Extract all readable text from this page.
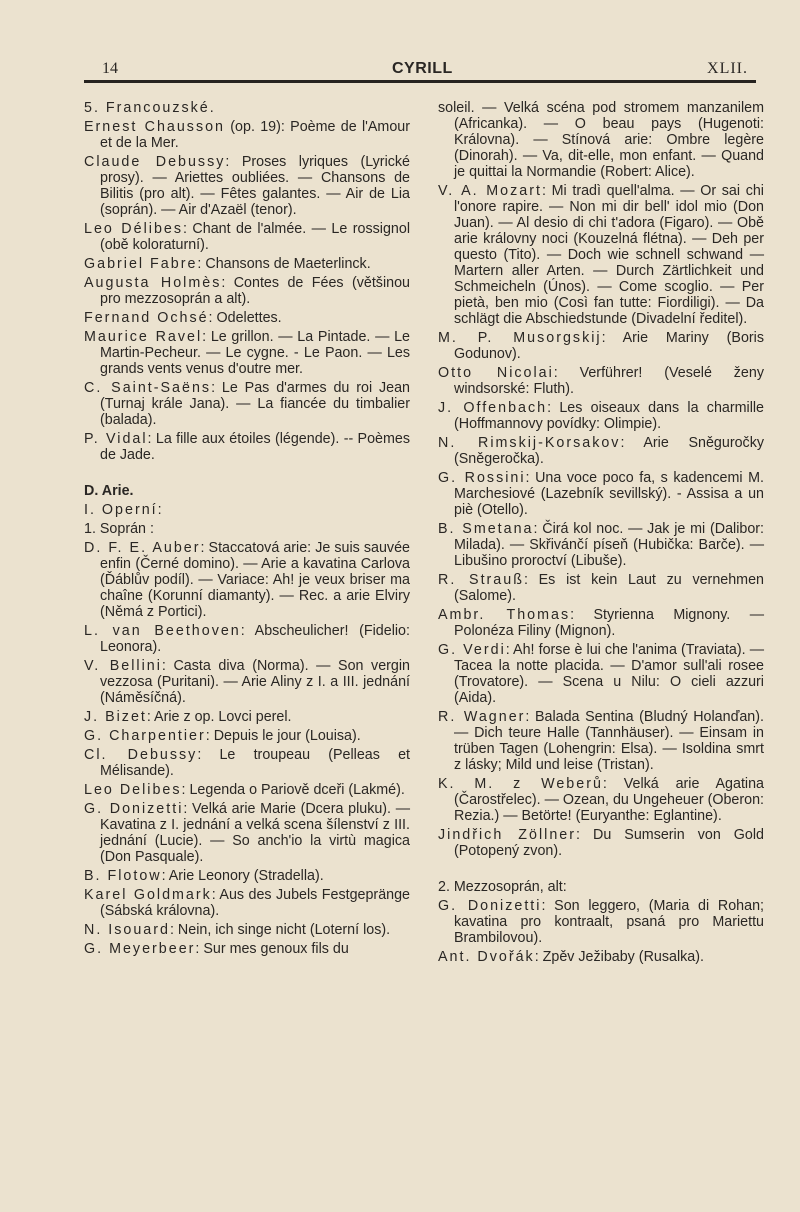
14	CYRILL	XLII.

5. Francouzské.

Ernest Chausson (op. 19): Poème de l'Amour et de la Mer.

Claude Debussy: Proses lyriques (Lyrické prosy). — Ariettes oubliées. — Chansons de Bilitis (pro alt). — Fêtes galantes. — Air de Lia (soprán). — Air d'Azaël (tenor).

Leo Délibes: Chant de l'almée. — Le rossignol (obě koloraturní).

Gabriel Fabre: Chansons de Maeterlinck.

Augusta Holmès: Contes de Fées (většinou pro mezzosoprán a alt).

Fernand Ochsé: Odelettes.

Maurice Ravel: Le grillon. — La Pintade. — Le Martin-Pecheur. — Le cygne. - Le Paon. — Les grands vents venus d'outre mer.

C. Saint-Saëns: Le Pas d'armes du roi Jean (Turnaj krále Jana). — La fiancée du timbalier (balada).

P. Vidal: La fille aux étoiles (légende). -- Poèmes de Jade.

D. Arie.

I. Operní:

1. Soprán :

D. F. E. Auber: Staccatová arie: Je suis sauvée enfin (Černé domino). — Arie a kavatina Carlova (Ďáblův podíl). — Variace: Ah! je veux briser ma chaîne (Korunní diamanty). — Rec. a arie Elviry (Němá z Portici).

L. van Beethoven: Abscheulicher! (Fidelio: Leonora).

V. Bellini: Casta diva (Norma). — Son vergin vezzosa (Puritani). — Arie Aliny z I. a III. jednání (Náměsíčná).

J. Bizet: Arie z op. Lovci perel.

G. Charpentier: Depuis le jour (Louisa).

Cl. Debussy: Le troupeau (Pelleas et Mélisande).

Leo Delibes: Legenda o Pariově dceři (Lakmé).

G. Donizetti: Velká arie Marie (Dcera pluku). — Kavatina z I. jednání a velká scena šílenství z III. jednání (Lucie). — So anch'io la virtù magica (Don Pasquale).

B. Flotow: Arie Leonory (Stradella).

Karel Goldmark: Aus des Jubels Festgepränge (Sábská královna).

N. Isouard: Nein, ich singe nicht (Loterní los).

G. Meyerbeer: Sur mes genoux fils du

soleil. — Velká scéna pod stromem manzanilem (Africanka). — O beau pays (Hugenoti: Královna). — Stínová arie: Ombre legère (Dinorah). — Va, dit-elle, mon enfant. — Quand je quittai la Normandie (Robert: Alice).

V. A. Mozart: Mi tradì quell'alma. — Or sai chi l'onore rapire. — Non mi dir bell' idol mio (Don Juan). — Al desio di chi t'adora (Figaro). — Obě arie královny noci (Kouzelná flétna). — Deh per questo (Tito). — Doch wie schnell schwand — Martern aller Arten. — Durch Zärtlichkeit und Schmeicheln (Únos). — Come scoglio. — Per pietà, ben mio (Così fan tutte: Fiordiligi). — Da schlägt die Abschiedstunde (Divadelní ředitel).

M. P. Musorgskij: Arie Mariny (Boris Godunov).

Otto Nicolai: Verführer! (Veselé ženy windsorské: Fluth).

J. Offenbach: Les oiseaux dans la charmille (Hoffmannovy povídky: Olimpie).

N. Rimskij-Korsakov: Arie Sněguročky (Sněgeročka).

G. Rossini: Una voce poco fa, s kadencemi M. Marchesiové (Lazebník sevillský). - Assisa a un piè (Otello).

B. Smetana: Čirá kol noc. — Jak je mi (Dalibor: Milada). — Skřivánčí píseň (Hubička: Barče). — Libušino proroctví (Libuše).

R. Strauß: Es ist kein Laut zu vernehmen (Salome).

Ambr. Thomas: Styrienna Mignony. — Polonéza Filiny (Mignon).

G. Verdi: Ah! forse è lui che l'anima (Traviata). — Tacea la notte placida. — D'amor sull'ali rosee (Trovatore). — Scena u Nilu: O cieli azzuri (Aida).

R. Wagner: Balada Sentina (Bludný Holanďan). — Dich teure Halle (Tannhäuser). — Einsam in trüben Tagen (Lohengrin: Elsa). — Isoldina smrt z lásky; Mild und leise (Tristan).

K. M. z Weberů: Velká arie Agatina (Čarostřelec). — Ozean, du Ungeheuer (Oberon: Rezia.) — Betörte! (Euryanthe: Eglantine).

Jindřich Zöllner: Du Sumserin von Gold (Potopený zvon).

2. Mezzosoprán, alt:

G. Donizetti: Son leggero, (Maria di Rohan; kavatina pro kontraalt, psaná pro Mariettu Brambilovou).

Ant. Dvořák: Zpěv Ježibaby (Rusalka).
